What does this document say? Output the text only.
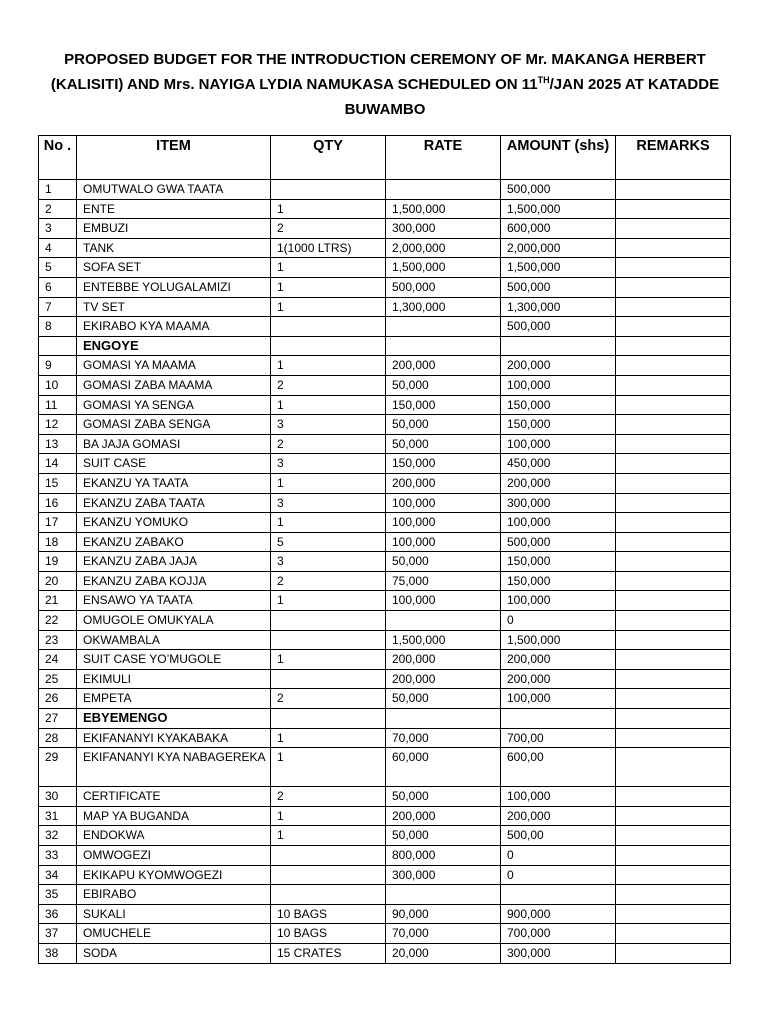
PROPOSED BUDGET FOR THE INTRODUCTION CEREMONY OF Mr. MAKANGA HERBERT
(KALISITI) AND Mrs. NAYIGA LYDIA NAMUKASA SCHEDULED ON 11TH/JAN 2025 AT KATADDE
BUWAMBO
No .	ITEM	QTY	RATE	AMOUNT (shs)	REMARKS
1	OMUTWALO GWA TAATA			500,000	
2	ENTE	1	1,500,000	1,500,000	
3	EMBUZI	2	300,000	600,000	
4	TANK	1(1000 LTRS)	2,000,000	2,000,000	
5	SOFA SET	1	1,500,000	1,500,000	
6	ENTEBBE YOLUGALAMIZI	1	500,000	500,000	
7	TV SET	1	1,300,000	1,300,000	
8	EKIRABO KYA MAAMA			500,000	
	ENGOYE				
9	GOMASI YA MAAMA	1	200,000	200,000	
10	GOMASI ZABA MAAMA	2	50,000	100,000	
11	GOMASI YA SENGA	1	150,000	150,000	
12	GOMASI ZABA SENGA	3	50,000	150,000	
13	BA JAJA GOMASI	2	50,000	100,000	
14	SUIT CASE	3	150,000	450,000	
15	EKANZU YA TAATA	1	200,000	200,000	
16	EKANZU ZABA TAATA	3	100,000	300,000	
17	EKANZU YOMUKO	1	100,000	100,000	
18	EKANZU ZABAKO	5	100,000	500,000	
19	EKANZU ZABA JAJA	3	50,000	150,000	
20	EKANZU ZABA KOJJA	2	75,000	150,000	
21	ENSAWO YA TAATA	1	100,000	100,000	
22	OMUGOLE OMUKYALA			0	
23	OKWAMBALA		1,500,000	1,500,000	
24	SUIT CASE YO’MUGOLE	1	200,000	200,000	
25	EKIMULI		200,000	200,000	
26	EMPETA	2	50,000	100,000	
27	EBYEMENGO				
28	EKIFANANYI KYAKABAKA	1	70,000	700,00	
29	EKIFANANYI KYA NABAGEREKA	1	60,000	600,00	
30	CERTIFICATE	2	50,000	100,000	
31	MAP YA BUGANDA	1	200,000	200,000	
32	ENDOKWA	1	50,000	500,00	
33	OMWOGEZI		800,000	0	
34	EKIKAPU KYOMWOGEZI		300,000	0	
35	EBIRABO				
36	SUKALI	10 BAGS	90,000	900,000	
37	OMUCHELE	10 BAGS	70,000	700,000	
38	SODA	15 CRATES	20,000	300,000	
